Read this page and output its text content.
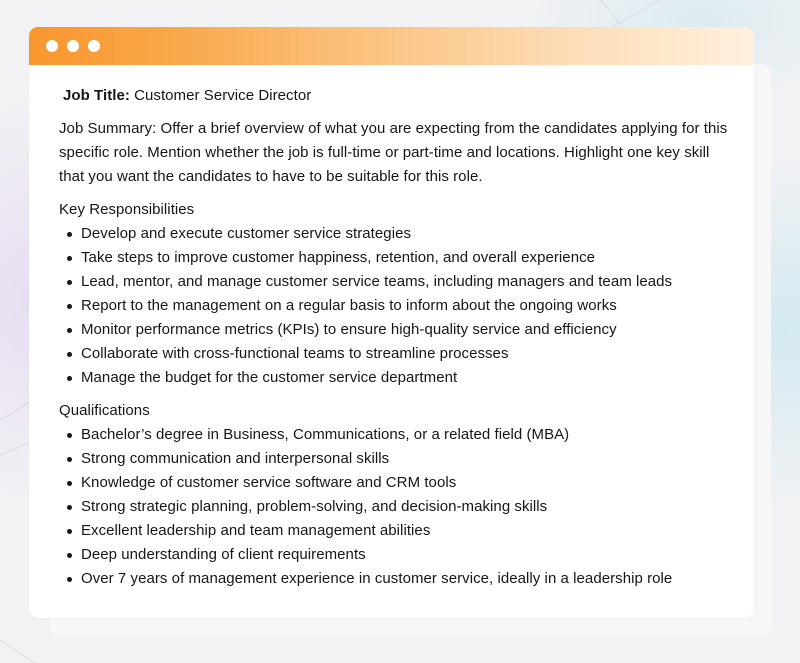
Job Title: Customer Service Director

Job Summary: Offer a brief overview of what you are expecting from the candidates applying for this specific role. Mention whether the job is full-time or part-time and locations. Highlight one key skill that you want the candidates to have to be suitable for this role.

Key Responsibilities
Develop and execute customer service strategies
Take steps to improve customer happiness, retention, and overall experience
Lead, mentor, and manage customer service teams, including managers and team leads
Report to the management on a regular basis to inform about the ongoing works
Monitor performance metrics (KPIs) to ensure high-quality service and efficiency
Collaborate with cross-functional teams to streamline processes
Manage the budget for the customer service department
Qualifications
Bachelor’s degree in Business, Communications, or a related field (MBA)
Strong communication and interpersonal skills
Knowledge of customer service software and CRM tools
Strong strategic planning, problem-solving, and decision-making skills
Excellent leadership and team management abilities
Deep understanding of client requirements
Over 7 years of management experience in customer service, ideally in a leadership role
